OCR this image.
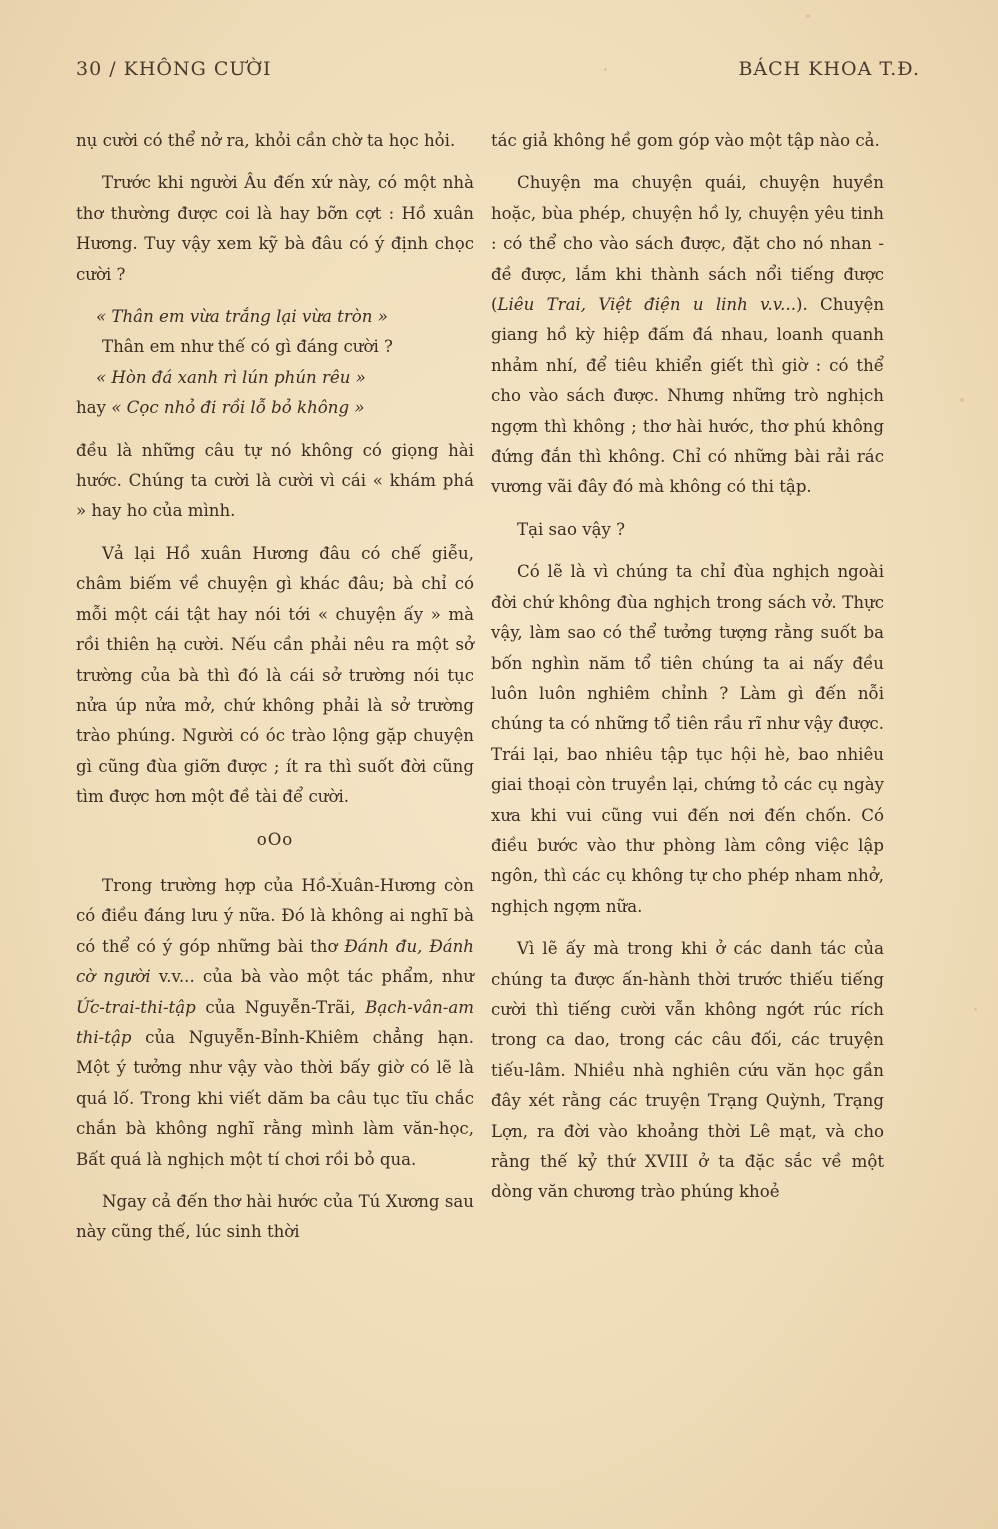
30 / KHÔNG CƯỜI	BÁCH KHOA T.Đ.

nụ cười có thể nở ra, khỏi cần chờ ta học hỏi.

Trước khi người Âu đến xứ này, có một nhà thơ thường được coi là hay bỡn cợt : Hồ xuân Hương. Tuy vậy xem kỹ bà đâu có ý định chọc cười ?

« Thân em vừa trắng lại vừa tròn »
Thân em như thế có gì đáng cười ?
« Hòn đá xanh rì lún phún rêu »
hay « Cọc nhỏ đi rồi lỗ bỏ không »

đều là những câu tự nó không có giọng hài hước. Chúng ta cười là cười vì cái « khám phá » hay ho của mình.

Vả lại Hồ xuân Hương đâu có chế giễu, châm biếm về chuyện gì khác đâu; bà chỉ có mỗi một cái tật hay nói tới « chuyện ấy » mà rồi thiên hạ cười. Nếu cần phải nêu ra một sở trường của bà thì đó là cái sở trường nói tục nửa úp nửa mở, chứ không phải là sở trường trào phúng. Người có óc trào lộng gặp chuyện gì cũng đùa giỡn được ; ít ra thì suốt đời cũng tìm được hơn một đề tài để cười.

oOo

Trong trường hợp của Hồ-Xuân-Hương còn có điều đáng lưu ý nữa. Đó là không ai nghĩ bà có thể có ý góp những bài thơ Đánh đu, Đánh cờ người v.v... của bà vào một tác phẩm, như Ức-trai-thi-tập của Nguyễn-Trãi, Bạch-vân-am thi-tập của Nguyễn-Bỉnh-Khiêm chẳng hạn. Một ý tưởng như vậy vào thời bấy giờ có lẽ là quá lố. Trong khi viết dăm ba câu tục tĩu chắc chắn bà không nghĩ rằng mình làm văn-học, Bất quá là nghịch một tí chơi rồi bỏ qua.

Ngay cả đến thơ hài hước của Tú Xương sau này cũng thế, lúc sinh thời

tác giả không hề gom góp vào một tập nào cả.

Chuyện ma chuyện quái, chuyện huyền hoặc, bùa phép, chuyện hồ ly, chuyện yêu tinh : có thể cho vào sách được, đặt cho nó nhan - đề được, lắm khi thành sách nổi tiếng được (Liêu Trai, Việt điện u linh v.v...). Chuyện giang hồ kỳ hiệp đấm đá nhau, loanh quanh nhảm nhí, để tiêu khiển giết thì giờ : có thể cho vào sách được. Nhưng những trò nghịch ngợm thì không ; thơ hài hước, thơ phú không đứng đắn thì không. Chỉ có những bài rải rác vương vãi đây đó mà không có thi tập.

Tại sao vậy ?

Có lẽ là vì chúng ta chỉ đùa nghịch ngoài đời chứ không đùa nghịch trong sách vở. Thực vậy, làm sao có thể tưởng tượng rằng suốt ba bốn nghìn năm tổ tiên chúng ta ai nấy đều luôn luôn nghiêm chỉnh ? Làm gì đến nỗi chúng ta có những tổ tiên rầu rĩ như vậy được. Trái lại, bao nhiêu tập tục hội hè, bao nhiêu giai thoại còn truyền lại, chứng tỏ các cụ ngày xưa khi vui cũng vui đến nơi đến chốn. Có điều bước vào thư phòng làm công việc lập ngôn, thì các cụ không tự cho phép nham nhở, nghịch ngợm nữa.

Vì lẽ ấy mà trong khi ở các danh tác của chúng ta được ấn-hành thời trước thiếu tiếng cười thì tiếng cười vẫn không ngớt rúc rích trong ca dao, trong các câu đối, các truyện tiếu-lâm. Nhiều nhà nghiên cứu văn học gần đây xét rằng các truyện Trạng Quỳnh, Trạng Lợn, ra đời vào khoảng thời Lê mạt, và cho rằng thế kỷ thứ XVIII ở ta đặc sắc về một dòng văn chương trào phúng khoẻ
